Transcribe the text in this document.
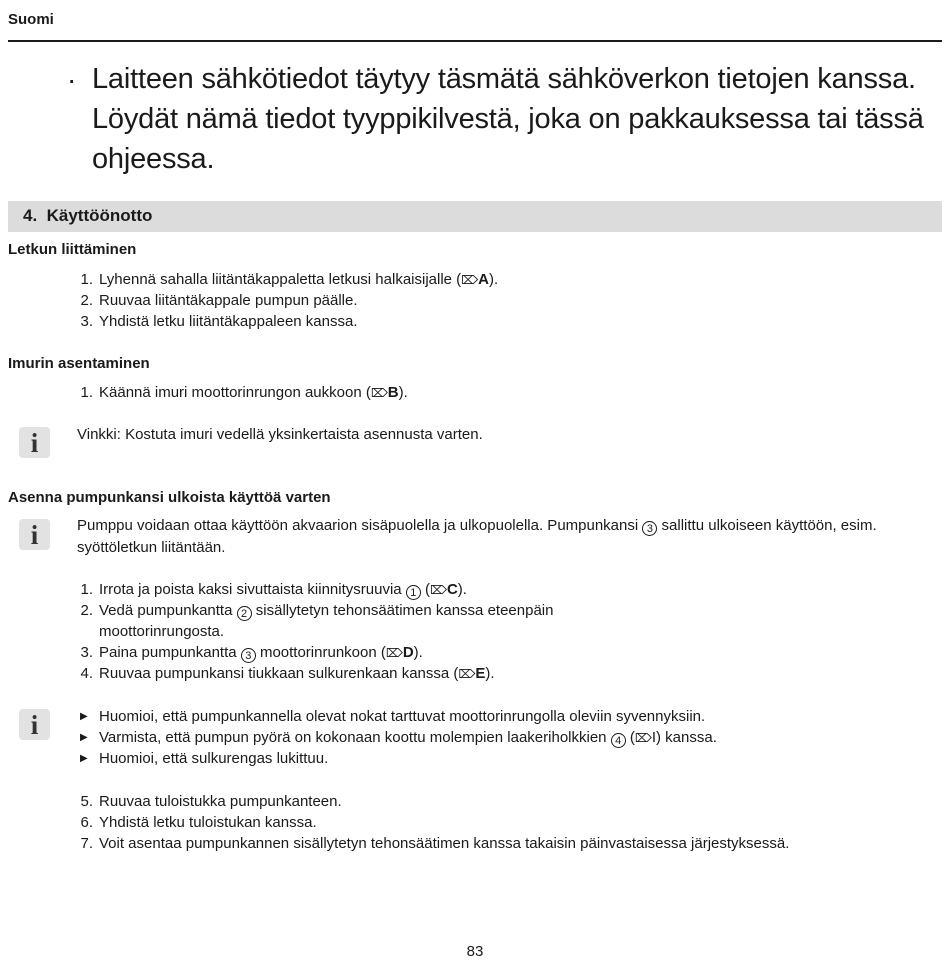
Suomi
· Laitteen sähkötiedot täytyy täsmätä sähköverkon tietojen kanssa. Löydät nämä tiedot tyyppikilvestä, joka on pakkauksessa tai tässä ohjeessa.
4.  Käyttöönotto
Letkun liittäminen
1. Lyhennä sahalla liitäntäkappaletta letkusi halkaisijalle (⌦A).
2. Ruuvaa liitäntäkappale pumpun päälle.
3. Yhdistä letku liitäntäkappaleen kanssa.
Imurin asentaminen
1. Käännä imuri moottorinrungon aukkoon (⌦B).
i	Vinkki: Kostuta imuri vedellä yksinkertaista asennusta varten.
Asenna pumpunkansi ulkoista käyttöä varten
i	Pumppu voidaan ottaa käyttöön akvaarion sisäpuolella ja ulkopuolella. Pumpunkansi 3 sallittu ulkoiseen käyttöön, esim. syöttöletkun liitäntään.
1. Irrota ja poista kaksi sivuttaista kiinnitysruuvia 1 (⌦C).
2. Vedä pumpunkantta 2 sisällytetyn tehonsäätimen kanssa eteenpäin
moottorinrungosta.
3. Paina pumpunkantta 3 moottorinrunkoon (⌦D).
4. Ruuvaa pumpunkansi tiukkaan sulkurenkaan kanssa (⌦E).
i	▶ Huomioi, että pumpunkannella olevat nokat tarttuvat moottorinrungolla oleviin syvennyksiin.
▶ Varmista, että pumpun pyörä on kokonaan koottu molempien laakeriholkkien 4 (⌦I) kanssa.
▶ Huomioi, että sulkurengas lukittuu.
5. Ruuvaa tuloistukka pumpunkanteen.
6. Yhdistä letku tuloistukan kanssa.
7. Voit asentaa pumpunkannen sisällytetyn tehonsäätimen kanssa takaisin päinvastaisessa järjestyksessä.
83
